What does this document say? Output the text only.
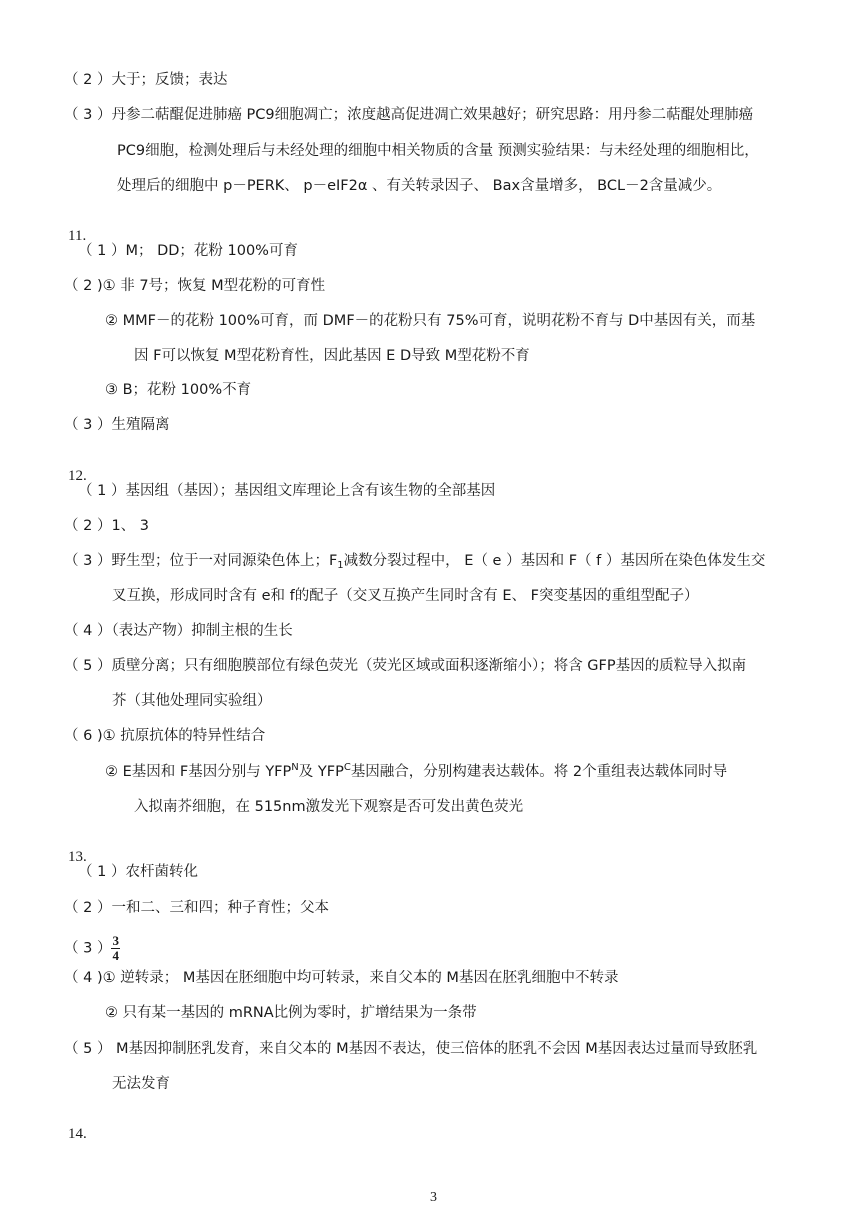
（ 2 ）大于；反馈；表达
（ 3 ）丹参二萜醌促进肺癌 PC9细胞凋亡；浓度越高促进凋亡效果越好；研究思路：用丹参二萜醌处理肺癌
PC9细胞，检测处理后与未经处理的细胞中相关物质的含量 预测实验结果：与未经处理的细胞相比，
处理后的细胞中 p－PERK、 p－eIF2α 、有关转录因子、 Bax含量增多， BCL－2含量减少。
11.
（ 1 ）M； DD；花粉 100%可育
（ 2 )① 非 7号；恢复 M型花粉的可育性
② MMF－的花粉 100%可育，而 DMF－的花粉只有 75%可育，说明花粉不育与 D中基因有关，而基
因 F可以恢复 M型花粉育性，因此基因 E D导致 M型花粉不育
③ B；花粉 100%不育
（ 3 ）生殖隔离
12.
（ 1 ）基因组（基因）；基因组文库理论上含有该生物的全部基因
（ 2 ）1、 3
（ 3 ）野生型；位于一对同源染色体上；$F_1$减数分裂过程中， E（ e ）基因和 F（ f ）基因所在染色体发生交
叉互换，形成同时含有 e和 f的配子（交叉互换产生同时含有 E、 F突变基因的重组型配子）
（ 4 ）（表达产物）抑制主根的生长
（ 5 ）质壁分离；只有细胞膜部位有绿色荧光（荧光区域或面积逐渐缩小）；将含 GFP基因的质粒导入拟南
芥（其他处理同实验组）
（ 6 )① 抗原抗体的特异性结合
② E基因和 F基因分别与 $YFP^N$及 $YFP^C$基因融合，分别构建表达载体。将 2个重组表达载体同时导
入拟南芥细胞，在 515nm激发光下观察是否可发出黄色荧光
13.
（ 1 ）农杆菌转化
（ 2 ）一和二、三和四；种子育性；父本
（ 3 ） $\frac{3}{4}$
（ 4 )① 逆转录； M基因在胚细胞中均可转录，来自父本的 M基因在胚乳细胞中不转录
② 只有某一基因的 mRNA比例为零时，扩增结果为一条带
（ 5 ） M基因抑制胚乳发育，来自父本的 M基因不表达，使三倍体的胚乳不会因 M基因表达过量而导致胚乳
无法发育
14.
3
